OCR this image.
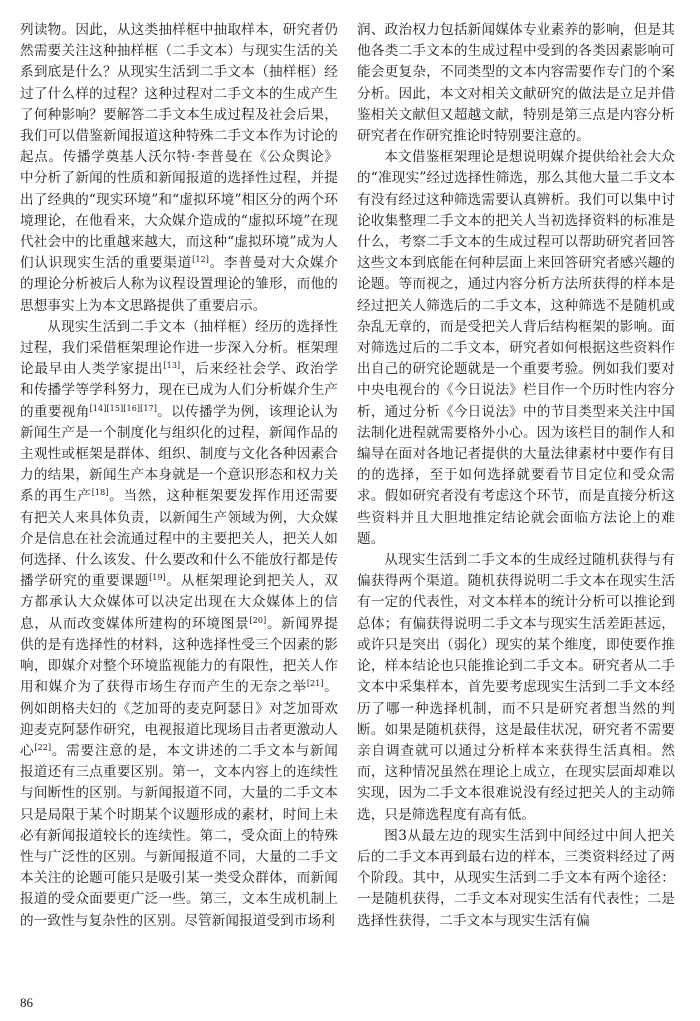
列读物。因此，从这类抽样框中抽取样本，研究者仍然需要关注这种抽样框（二手文本）与现实生活的关系到底是什么？从现实生活到二手文本（抽样框）经过了什么样的过程？这种过程对二手文本的生成产生了何种影响？要解答二手文本生成过程及社会后果，我们可以借鉴新闻报道这种特殊二手文本作为讨论的起点。传播学奠基人沃尔特·李普曼在《公众舆论》中分析了新闻的性质和新闻报道的选择性过程，并提出了经典的“现实环境”和“虚拟环境”相区分的两个环境理论，在他看来，大众媒介造成的“虚拟环境”在现代社会中的比重越来越大，而这种“虚拟环境”成为人们认识现实生活的重要渠道[12]。李普曼对大众媒介的理论分析被后人称为议程设置理论的雏形，而他的思想事实上为本文思路提供了重要启示。

从现实生活到二手文本（抽样框）经历的选择性过程，我们采借框架理论作进一步深入分析。框架理论最早由人类学家提出[13]，后来经社会学、政治学和传播学等学科努力，现在已成为人们分析媒介生产的重要视角[14][15][16][17]。以传播学为例，该理论认为新闻生产是一个制度化与组织化的过程，新闻作品的主观性或框架是群体、组织、制度与文化各种因素合力的结果，新闻生产本身就是一个意识形态和权力关系的再生产[18]。当然，这种框架要发挥作用还需要有把关人来具体负责，以新闻生产领域为例，大众媒介是信息在社会流通过程中的主要把关人，把关人如何选择、什么该发、什么要改和什么不能放行都是传播学研究的重要课题[19]。从框架理论到把关人，双方都承认大众媒体可以决定出现在大众媒体上的信息，从而改变媒体所建构的环境图景[20]。新闻界提供的是有选择性的材料，这种选择性受三个因素的影响，即媒介对整个环境监视能力的有限性，把关人作用和媒介为了获得市场生存而产生的无奈之举[21]。例如朗格夫妇的《芝加哥的麦克阿瑟日》对芝加哥欢迎麦克阿瑟作研究，电视报道比现场目击者更激动人心[22]。需要注意的是，本文讲述的二手文本与新闻报道还有三点重要区别。第一，文本内容上的连续性与间断性的区别。与新闻报道不同，大量的二手文本只是局限于某个时期某个议题形成的素材，时间上未必有新闻报道较长的连续性。第二，受众面上的特殊性与广泛性的区别。与新闻报道不同，大量的二手文本关注的论题可能只是吸引某一类受众群体，而新闻报道的受众面要更广泛一些。第三，文本生成机制上的一致性与复杂性的区别。尽管新闻报道受到市场利

润、政治权力包括新闻媒体专业素养的影响，但是其他各类二手文本的生成过程中受到的各类因素影响可能会更复杂，不同类型的文本内容需要作专门的个案分析。因此，本文对相关文献研究的做法是立足并借鉴相关文献但又超越文献，特别是第三点是内容分析研究者在作研究推论时特别要注意的。

本文借鉴框架理论是想说明媒介提供给社会大众的“准现实”经过选择性筛选，那么其他大量二手文本有没有经过这种筛选需要认真辨析。我们可以集中讨论收集整理二手文本的把关人当初选择资料的标准是什么，考察二手文本的生成过程可以帮助研究者回答这些文本到底能在何种层面上来回答研究者感兴趣的论题。等而视之，通过内容分析方法所获得的样本是经过把关人筛选后的二手文本，这种筛选不是随机或杂乱无章的，而是受把关人背后结构框架的影响。面对筛选过后的二手文本，研究者如何根据这些资料作出自己的研究论题就是一个重要考验。例如我们要对中央电视台的《今日说法》栏目作一个历时性内容分析，通过分析《今日说法》中的节目类型来关注中国法制化进程就需要格外小心。因为该栏目的制作人和编导在面对各地记者提供的大量法律素材中要作有目的的选择，至于如何选择就要看节目定位和受众需求。假如研究者没有考虑这个环节，而是直接分析这些资料并且大胆地推定结论就会面临方法论上的难题。

从现实生活到二手文本的生成经过随机获得与有偏获得两个渠道。随机获得说明二手文本在现实生活有一定的代表性，对文本样本的统计分析可以推论到总体；有偏获得说明二手文本与现实生活差距甚远，或许只是突出（弱化）现实的某个维度，即使要作推论，样本结论也只能推论到二手文本。研究者从二手文本中采集样本，首先要考虑现实生活到二手文本经历了哪一种选择机制，而不只是研究者想当然的判断。如果是随机获得，这是最佳状况，研究者不需要亲自调查就可以通过分析样本来获得生活真相。然而，这种情况虽然在理论上成立，在现实层面却难以实现，因为二手文本很难说没有经过把关人的主动筛选，只是筛选程度有高有低。

图3从最左边的现实生活到中间经过中间人把关后的二手文本再到最右边的样本，三类资料经过了两个阶段。其中，从现实生活到二手文本有两个途径：一是随机获得，二手文本对现实生活有代表性；二是选择性获得，二手文本与现实生活有偏

86
